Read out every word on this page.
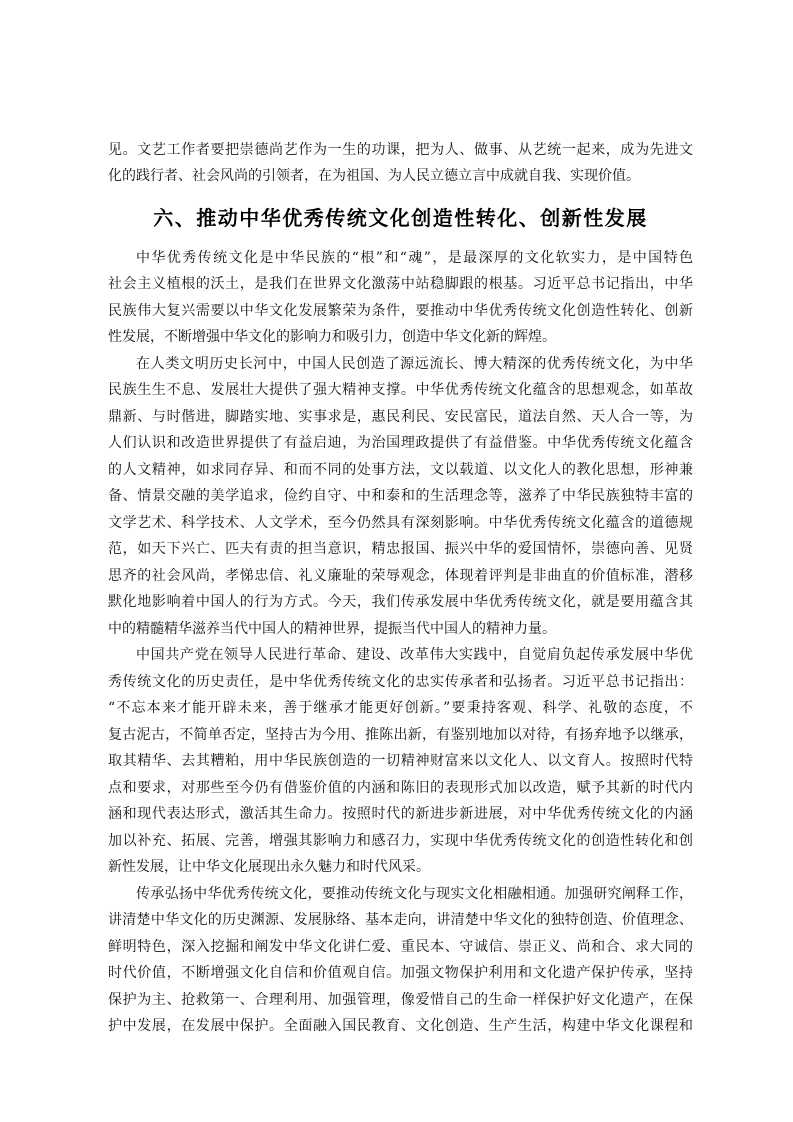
见。文艺工作者要把崇德尚艺作为一生的功课，把为人、做事、从艺统一起来，成为先进文
化的践行者、社会风尚的引领者，在为祖国、为人民立德立言中成就自我、实现价值。
六、推动中华优秀传统文化创造性转化、创新性发展
中华优秀传统文化是中华民族的“根”和“魂”，是最深厚的文化软实力，是中国特色
社会主义植根的沃土，是我们在世界文化激荡中站稳脚跟的根基。习近平总书记指出，中华
民族伟大复兴需要以中华文化发展繁荣为条件，要推动中华优秀传统文化创造性转化、创新
性发展，不断增强中华文化的影响力和吸引力，创造中华文化新的辉煌。
在人类文明历史长河中，中国人民创造了源远流长、博大精深的优秀传统文化，为中华
民族生生不息、发展壮大提供了强大精神支撑。中华优秀传统文化蕴含的思想观念，如革故
鼎新、与时偕进，脚踏实地、实事求是，惠民利民、安民富民，道法自然、天人合一等，为
人们认识和改造世界提供了有益启迪，为治国理政提供了有益借鉴。中华优秀传统文化蕴含
的人文精神，如求同存异、和而不同的处事方法，文以载道、以文化人的教化思想，形神兼
备、情景交融的美学追求，俭约自守、中和泰和的生活理念等，滋养了中华民族独特丰富的
文学艺术、科学技术、人文学术，至今仍然具有深刻影响。中华优秀传统文化蕴含的道德规
范，如天下兴亡、匹夫有责的担当意识，精忠报国、振兴中华的爱国情怀，崇德向善、见贤
思齐的社会风尚，孝悌忠信、礼义廉耻的荣辱观念，体现着评判是非曲直的价值标准，潜移
默化地影响着中国人的行为方式。今天，我们传承发展中华优秀传统文化，就是要用蕴含其
中的精髓精华滋养当代中国人的精神世界，提振当代中国人的精神力量。
中国共产党在领导人民进行革命、建设、改革伟大实践中，自觉肩负起传承发展中华优
秀传统文化的历史责任，是中华优秀传统文化的忠实传承者和弘扬者。习近平总书记指出：
“不忘本来才能开辟未来，善于继承才能更好创新。”要秉持客观、科学、礼敬的态度，不
复古泥古，不简单否定，坚持古为今用、推陈出新，有鉴别地加以对待，有扬弃地予以继承，
取其精华、去其糟粕，用中华民族创造的一切精神财富来以文化人、以文育人。按照时代特
点和要求，对那些至今仍有借鉴价值的内涵和陈旧的表现形式加以改造，赋予其新的时代内
涵和现代表达形式，激活其生命力。按照时代的新进步新进展，对中华优秀传统文化的内涵
加以补充、拓展、完善，增强其影响力和感召力，实现中华优秀传统文化的创造性转化和创
新性发展，让中华文化展现出永久魅力和时代风采。
传承弘扬中华优秀传统文化，要推动传统文化与现实文化相融相通。加强研究阐释工作，
讲清楚中华文化的历史渊源、发展脉络、基本走向，讲清楚中华文化的独特创造、价值理念、
鲜明特色，深入挖掘和阐发中华文化讲仁爱、重民本、守诚信、崇正义、尚和合、求大同的
时代价值，不断增强文化自信和价值观自信。加强文物保护利用和文化遗产保护传承，坚持
保护为主、抢救第一、合理利用、加强管理，像爱惜自己的生命一样保护好文化遗产，在保
护中发展，在发展中保护。全面融入国民教育、文化创造、生产生活，构建中华文化课程和
